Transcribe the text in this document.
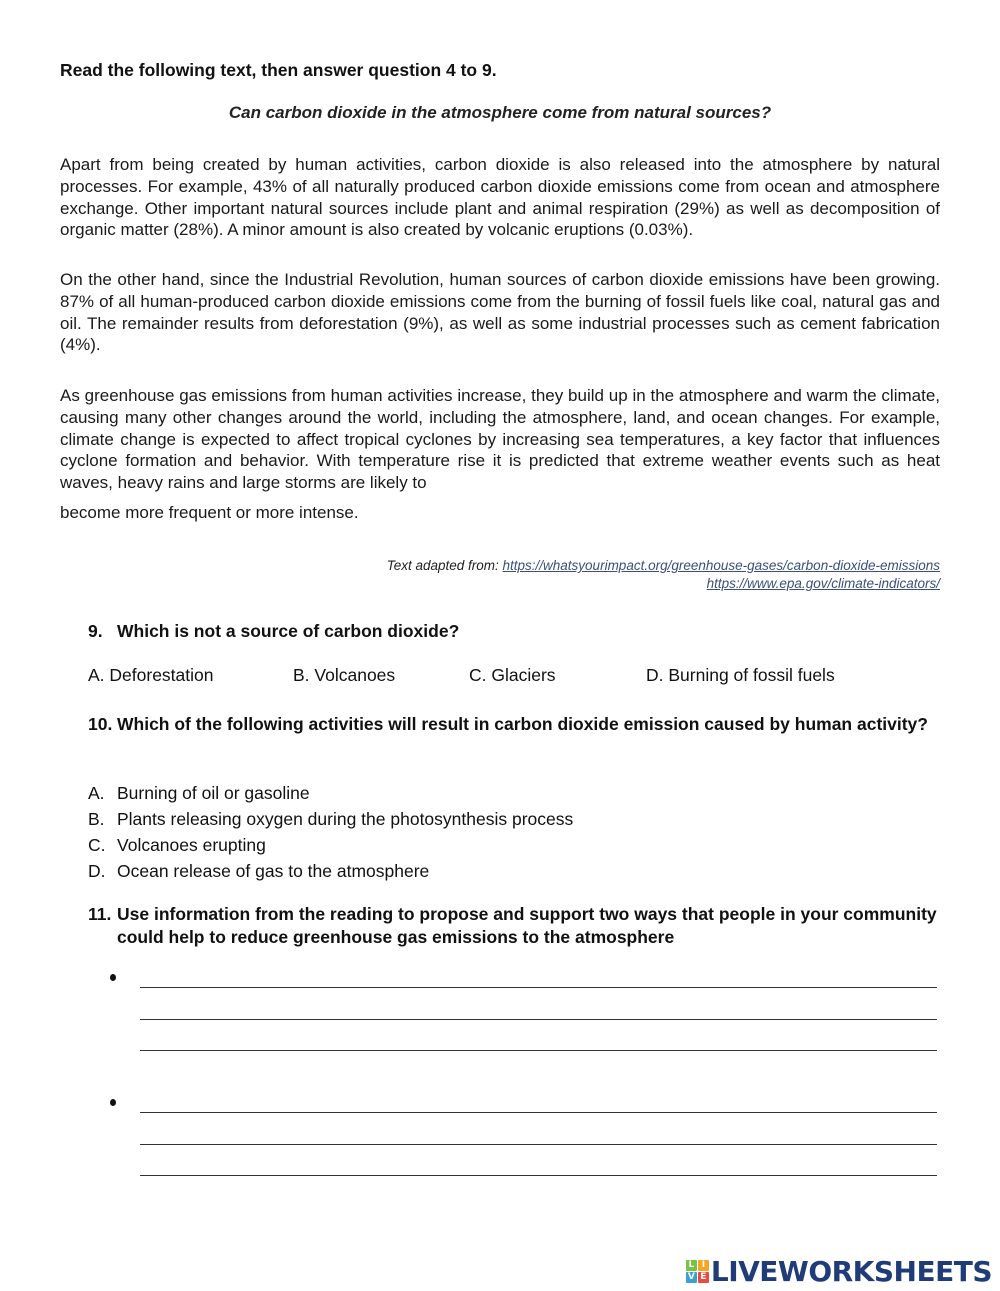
Read the following text, then answer question 4 to 9.

Can carbon dioxide in the atmosphere come from natural sources?

Apart from being created by human activities, carbon dioxide is also released into the atmosphere by natural processes. For example, 43% of all naturally produced carbon dioxide emissions come from ocean and atmosphere exchange. Other important natural sources include plant and animal respiration (29%) as well as decomposition of organic matter (28%). A minor amount is also created by volcanic eruptions (0.03%).

On the other hand, since the Industrial Revolution, human sources of carbon dioxide emissions have been growing. 87% of all human-produced carbon dioxide emissions come from the burning of fossil fuels like coal, natural gas and oil. The remainder results from deforestation (9%), as well as some industrial processes such as cement fabrication (4%).

As greenhouse gas emissions from human activities increase, they build up in the atmosphere and warm the climate, causing many other changes around the world, including the atmosphere, land, and ocean changes. For example, climate change is expected to affect tropical cyclones by increasing sea temperatures, a key factor that influences cyclone formation and behavior. With temperature rise it is predicted that extreme weather events such as heat waves, heavy rains and large storms are likely to
become more frequent or more intense.

Text adapted from: https://whatsyourimpact.org/greenhouse-gases/carbon-dioxide-emissions
https://www.epa.gov/climate-indicators/
9. Which is not a source of carbon dioxide?
A. Deforestation	B. Volcanoes	C. Glaciers	D. Burning of fossil fuels
10. Which of the following activities will result in carbon dioxide emission caused by human activity?
A. Burning of oil or gasoline
B. Plants releasing oxygen during the photosynthesis process
C. Volcanoes erupting
D. Ocean release of gas to the atmosphere
11. Use information from the reading to propose and support two ways that people in your community could help to reduce greenhouse gas emissions to the atmosphere
L I
V E LIVEWORKSHEETS
